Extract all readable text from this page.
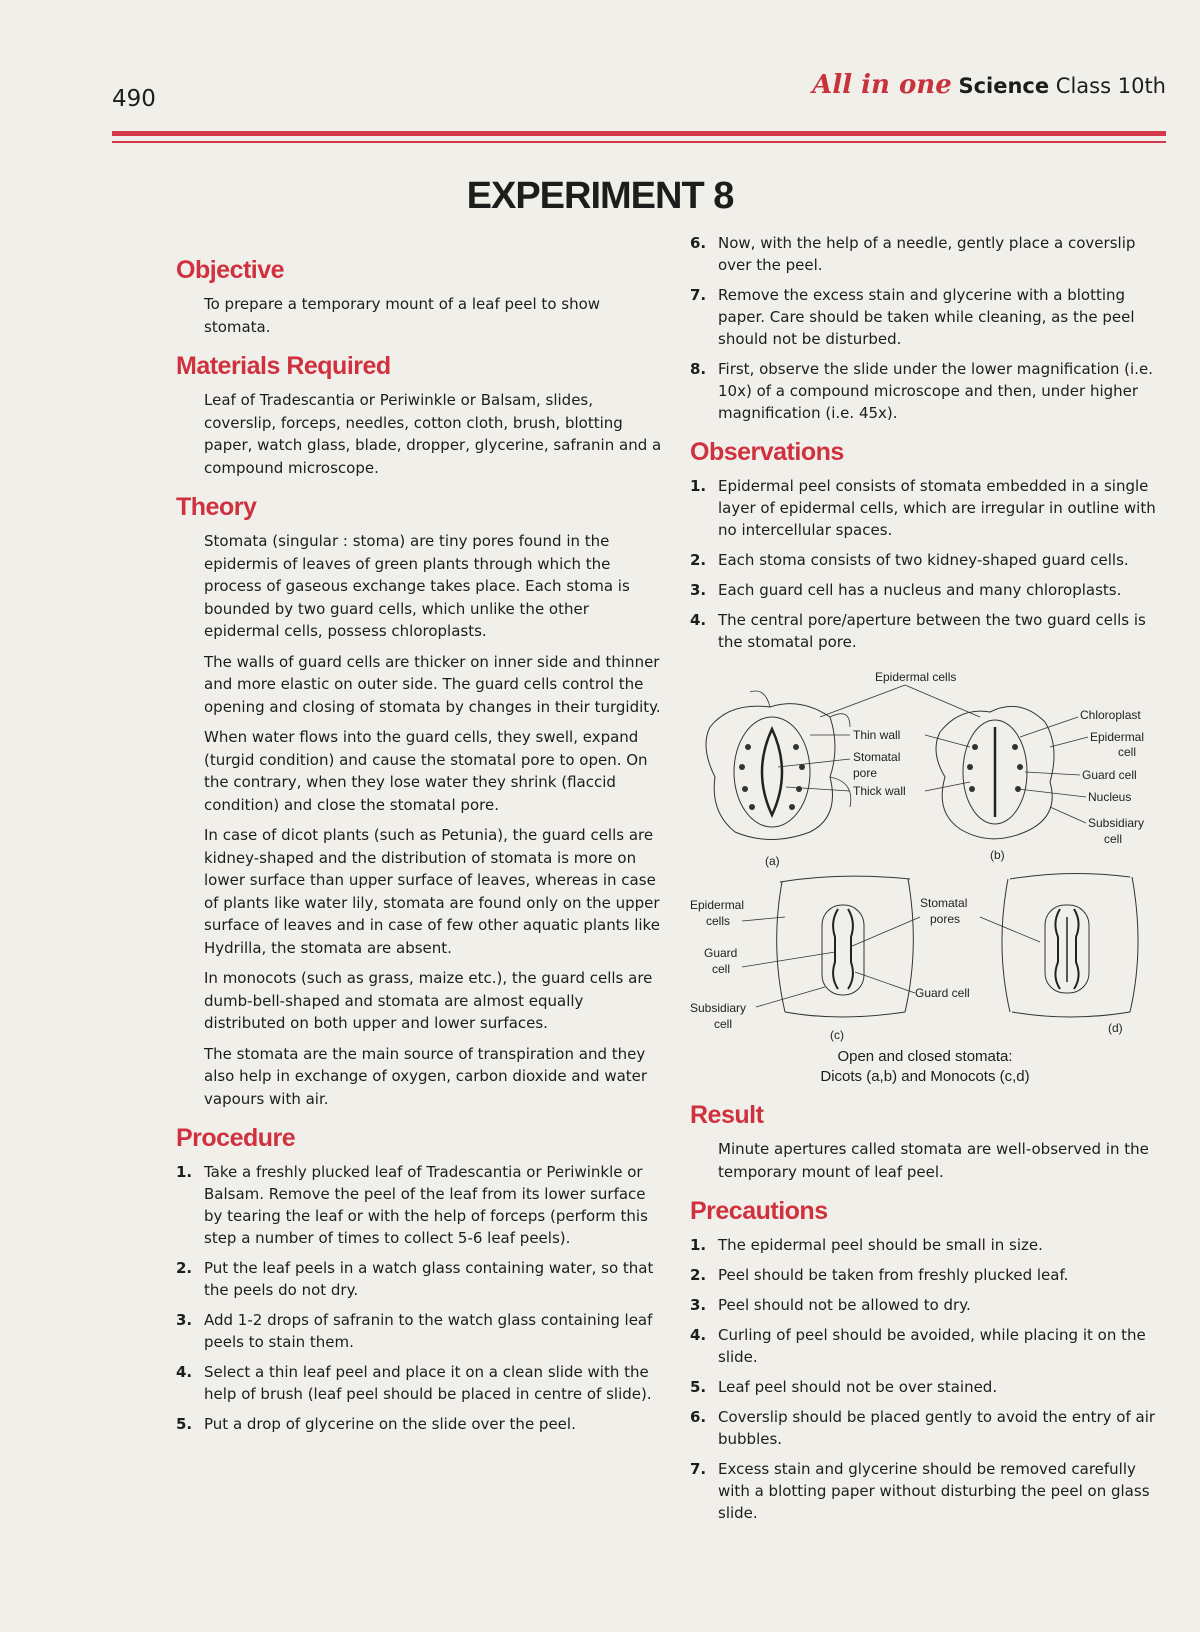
490	All in one Science Class 10th
EXPERIMENT 8
Objective

To prepare a temporary mount of a leaf peel to show stomata.

Materials Required

Leaf of Tradescantia or Periwinkle or Balsam, slides, coverslip, forceps, needles, cotton cloth, brush, blotting paper, watch glass, blade, dropper, glycerine, safranin and a compound microscope.

Theory

Stomata (singular : stoma) are tiny pores found in the epidermis of leaves of green plants through which the process of gaseous exchange takes place. Each stoma is bounded by two guard cells, which unlike the other epidermal cells, possess chloroplasts.

The walls of guard cells are thicker on inner side and thinner and more elastic on outer side. The guard cells control the opening and closing of stomata by changes in their turgidity.

When water flows into the guard cells, they swell, expand (turgid condition) and cause the stomatal pore to open. On the contrary, when they lose water they shrink (flaccid condition) and close the stomatal pore.

In case of dicot plants (such as Petunia), the guard cells are kidney-shaped and the distribution of stomata is more on lower surface than upper surface of leaves, whereas in case of plants like water lily, stomata are found only on the upper surface of leaves and in case of few other aquatic plants like Hydrilla, the stomata are absent.

In monocots (such as grass, maize etc.), the guard cells are dumb-bell-shaped and stomata are almost equally distributed on both upper and lower surfaces.

The stomata are the main source of transpiration and they also help in exchange of oxygen, carbon dioxide and water vapours with air.

Procedure
1. Take a freshly plucked leaf of Tradescantia or Periwinkle or Balsam. Remove the peel of the leaf from its lower surface by tearing the leaf or with the help of forceps (perform this step a number of times to collect 5-6 leaf peels).
2. Put the leaf peels in a watch glass containing water, so that the peels do not dry.
3. Add 1-2 drops of safranin to the watch glass containing leaf peels to stain them.
4. Select a thin leaf peel and place it on a clean slide with the help of brush (leaf peel should be placed in centre of slide).
5. Put a drop of glycerine on the slide over the peel.
6. Now, with the help of a needle, gently place a coverslip over the peel.
7. Remove the excess stain and glycerine with a blotting paper. Care should be taken while cleaning, as the peel should not be disturbed.
8. First, observe the slide under the lower magnification (i.e. 10x) of a compound microscope and then, under higher magnification (i.e. 45x).
Observations
1. Epidermal peel consists of stomata embedded in a single layer of epidermal cells, which are irregular in outline with no intercellular spaces.
2. Each stoma consists of two kidney-shaped guard cells.
3. Each guard cell has a nucleus and many chloroplasts.
4. The central pore/aperture between the two guard cells is the stomatal pore.
Epidermal cells
(a)
Thin wall
Stomatal
pore
Thick wall
(b)
Chloroplast
Epidermal
cell
Guard cell
Nucleus
Subsidiary
cell
(c)
Epidermal
cells
Guard
cell
Subsidiary
cell
Stomatal
pores
Guard cell
(d)
Open and closed stomata:
Dicots (a,b) and Monocots (c,d)
Result

Minute apertures called stomata are well-observed in the temporary mount of leaf peel.

Precautions
1. The epidermal peel should be small in size.
2. Peel should be taken from freshly plucked leaf.
3. Peel should not be allowed to dry.
4. Curling of peel should be avoided, while placing it on the slide.
5. Leaf peel should not be over stained.
6. Coverslip should be placed gently to avoid the entry of air bubbles.
7. Excess stain and glycerine should be removed carefully with a blotting paper without disturbing the peel on glass slide.
